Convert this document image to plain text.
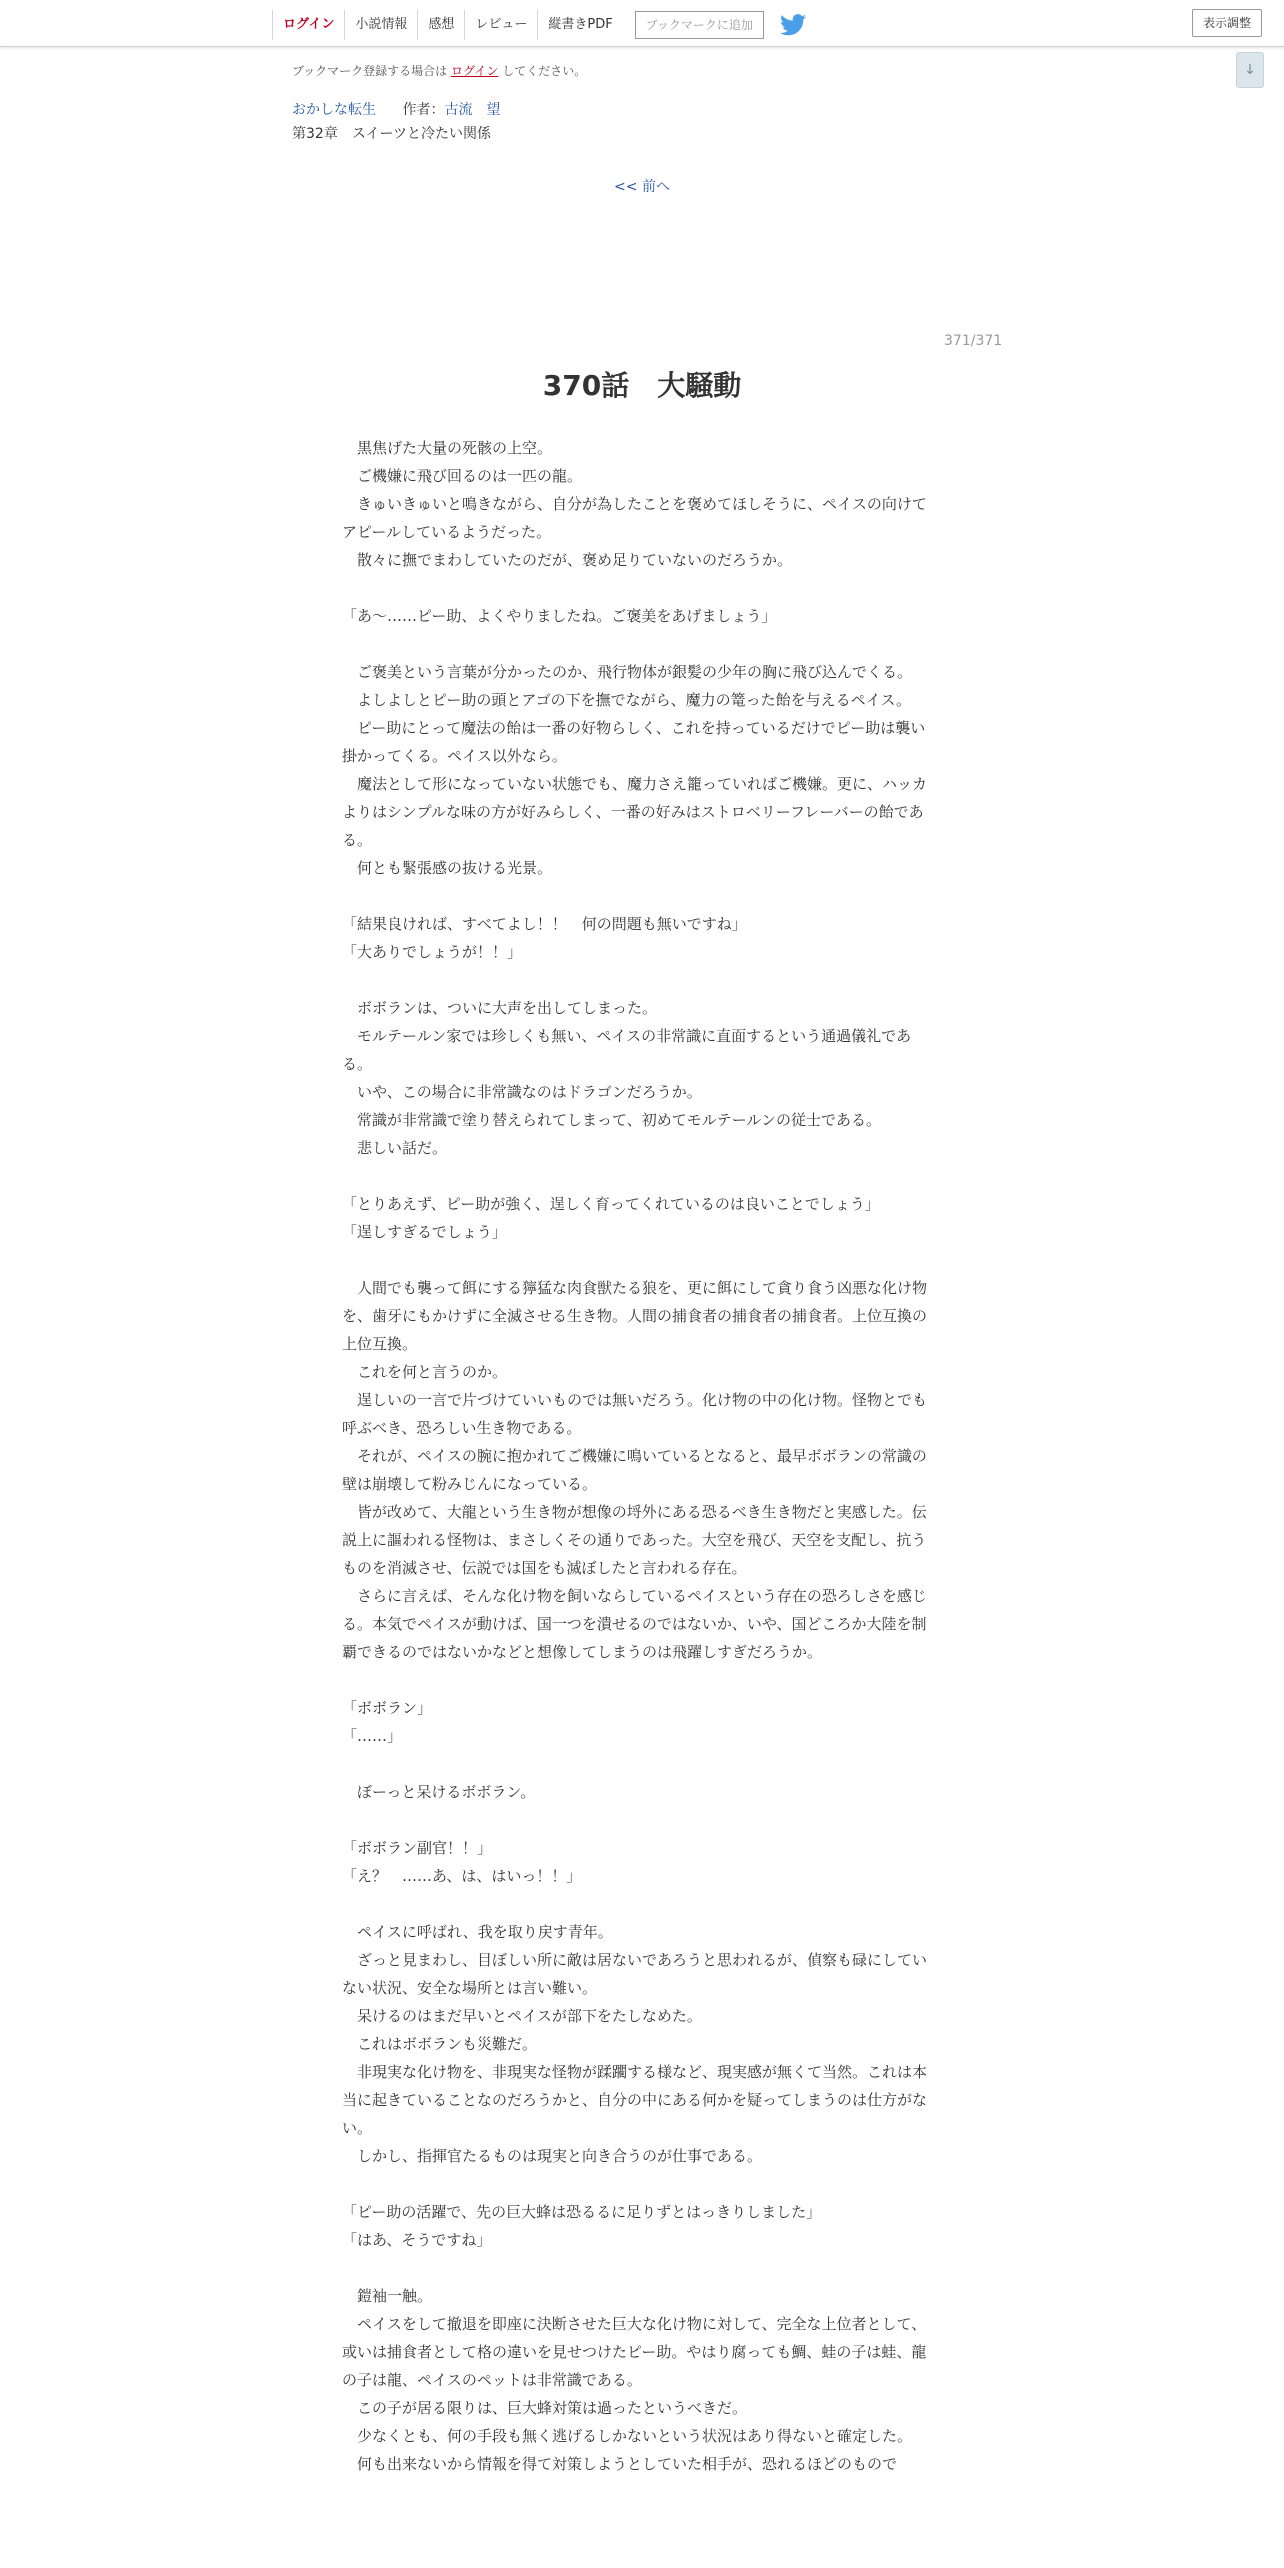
ログイン	小説情報	感想	レビュー	縦書きPDF	ブックマークに追加	表示調整
↓
ブックマーク登録する場合は ログイン してください。
おかしな転生 作者：古流　望
第32章　スイーツと冷たい関係
<< 前へ
371/371
370話　大騒動

　黒焦げた大量の死骸の上空。

　ご機嫌に飛び回るのは一匹の龍。

　きゅいきゅいと鳴きながら、自分が為したことを褒めてほしそうに、ペイスの向けてアピールしているようだった。

　散々に撫でまわしていたのだが、褒め足りていないのだろうか。

「あ～……ピー助、よくやりましたね。ご褒美をあげましょう」

　ご褒美という言葉が分かったのか、飛行物体が銀髪の少年の胸に飛び込んでくる。

　よしよしとピー助の頭とアゴの下を撫でながら、魔力の篭った飴を与えるペイス。

　ピー助にとって魔法の飴は一番の好物らしく、これを持っているだけでピー助は襲い掛かってくる。ペイス以外なら。

　魔法として形になっていない状態でも、魔力さえ籠っていればご機嫌。更に、ハッカよりはシンプルな味の方が好みらしく、一番の好みはストロベリーフレーバーの飴である。

　何とも緊張感の抜ける光景。

「結果良ければ、すべてよし！！　何の問題も無いですね」

「大ありでしょうが！！」

　ボボランは、ついに大声を出してしまった。

　モルテールン家では珍しくも無い、ペイスの非常識に直面するという通過儀礼である。

　いや、この場合に非常識なのはドラゴンだろうか。

　常識が非常識で塗り替えられてしまって、初めてモルテールンの従士である。

　悲しい話だ。

「とりあえず、ピー助が強く、逞しく育ってくれているのは良いことでしょう」

「逞しすぎるでしょう」

　人間でも襲って餌にする獰猛な肉食獣たる狼を、更に餌にして貪り食う凶悪な化け物を、歯牙にもかけずに全滅させる生き物。人間の捕食者の捕食者の捕食者。上位互換の上位互換。

　これを何と言うのか。

　逞しいの一言で片づけていいものでは無いだろう。化け物の中の化け物。怪物とでも呼ぶべき、恐ろしい生き物である。

　それが、ペイスの腕に抱かれてご機嫌に鳴いているとなると、最早ボボランの常識の壁は崩壊して粉みじんになっている。

　皆が改めて、大龍という生き物が想像の埒外にある恐るべき生き物だと実感した。伝説上に謳われる怪物は、まさしくその通りであった。大空を飛び、天空を支配し、抗うものを消滅させ、伝説では国をも滅ぼしたと言われる存在。

　さらに言えば、そんな化け物を飼いならしているペイスという存在の恐ろしさを感じる。本気でペイスが動けば、国一つを潰せるのではないか、いや、国どころか大陸を制覇できるのではないかなどと想像してしまうのは飛躍しすぎだろうか。

「ボボラン」

「……」

　ぼーっと呆けるボボラン。

「ボボラン副官！！」

「え？　……あ、は、はいっ！！」

　ペイスに呼ばれ、我を取り戻す青年。

　ざっと見まわし、目ぼしい所に敵は居ないであろうと思われるが、偵察も碌にしていない状況、安全な場所とは言い難い。

　呆けるのはまだ早いとペイスが部下をたしなめた。

　これはボボランも災難だ。

　非現実な化け物を、非現実な怪物が蹂躙する様など、現実感が無くて当然。これは本当に起きていることなのだろうかと、自分の中にある何かを疑ってしまうのは仕方がない。

　しかし、指揮官たるものは現実と向き合うのが仕事である。

「ピー助の活躍で、先の巨大蜂は恐るるに足りずとはっきりしました」

「はあ、そうですね」

　鎧袖一触。

　ペイスをして撤退を即座に決断させた巨大な化け物に対して、完全な上位者として、或いは捕食者として格の違いを見せつけたピー助。やはり腐っても鯛、蛙の子は蛙、龍の子は龍、ペイスのペットは非常識である。

　この子が居る限りは、巨大蜂対策は過ったというべきだ。

　少なくとも、何の手段も無く逃げるしかないという状況はあり得ないと確定した。

　何も出来ないから情報を得て対策しようとしていた相手が、恐れるほどのもので
